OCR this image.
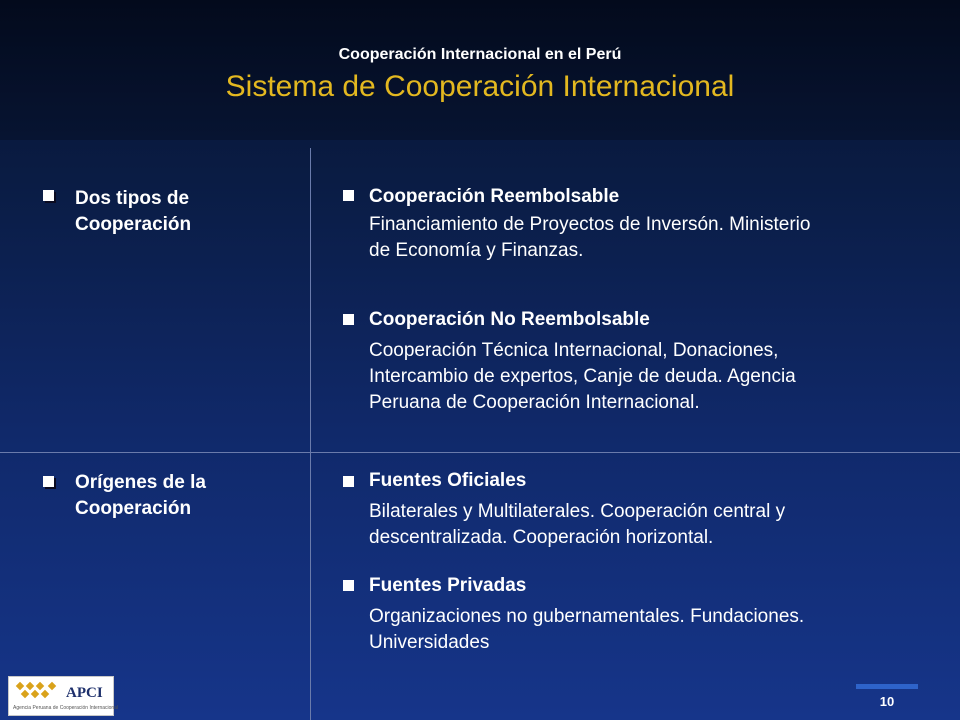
Cooperación Internacional en el Perú
Sistema de Cooperación Internacional
Dos tipos de
Cooperación
Cooperación Reembolsable
Financiamiento de Proyectos de Inversón. Ministerio
de Economía y Finanzas.
Cooperación No Reembolsable
Cooperación Técnica Internacional, Donaciones,
Intercambio de expertos, Canje de deuda. Agencia
Peruana de Cooperación Internacional.
Orígenes de la
Cooperación
Fuentes Oficiales
Bilaterales y Multilaterales. Cooperación central y
descentralizada. Cooperación horizontal.
Fuentes Privadas
Organizaciones no gubernamentales. Fundaciones.
Universidades
APCI
Agencia Peruana de Cooperación Internacional	10
